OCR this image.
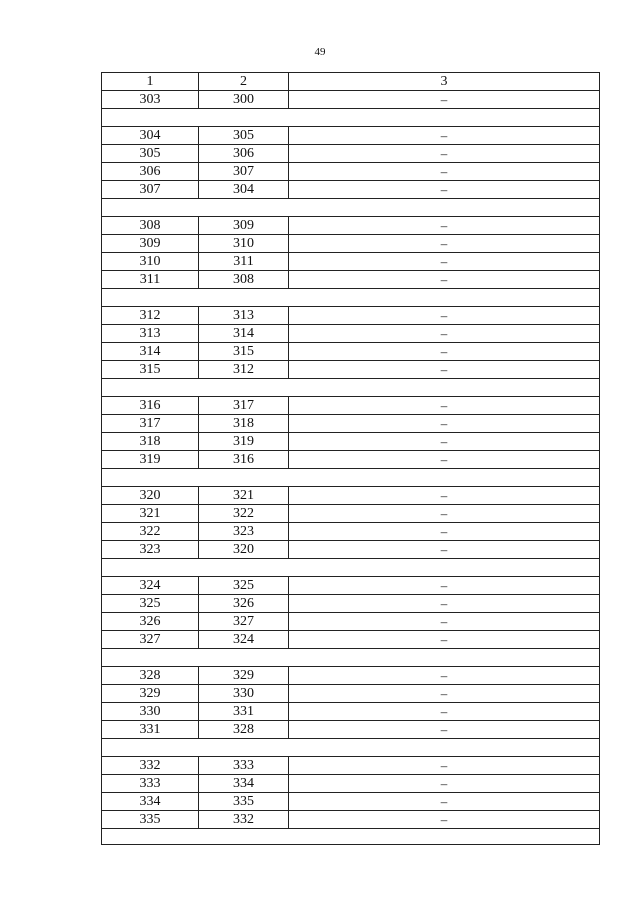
49
1	2	3
303	300	–

304	305	–
305	306	–
306	307	–
307	304	–

308	309	–
309	310	–
310	311	–
311	308	–

312	313	–
313	314	–
314	315	–
315	312	–

316	317	–
317	318	–
318	319	–
319	316	–

320	321	–
321	322	–
322	323	–
323	320	–

324	325	–
325	326	–
326	327	–
327	324	–

328	329	–
329	330	–
330	331	–
331	328	–

332	333	–
333	334	–
334	335	–
335	332	–
